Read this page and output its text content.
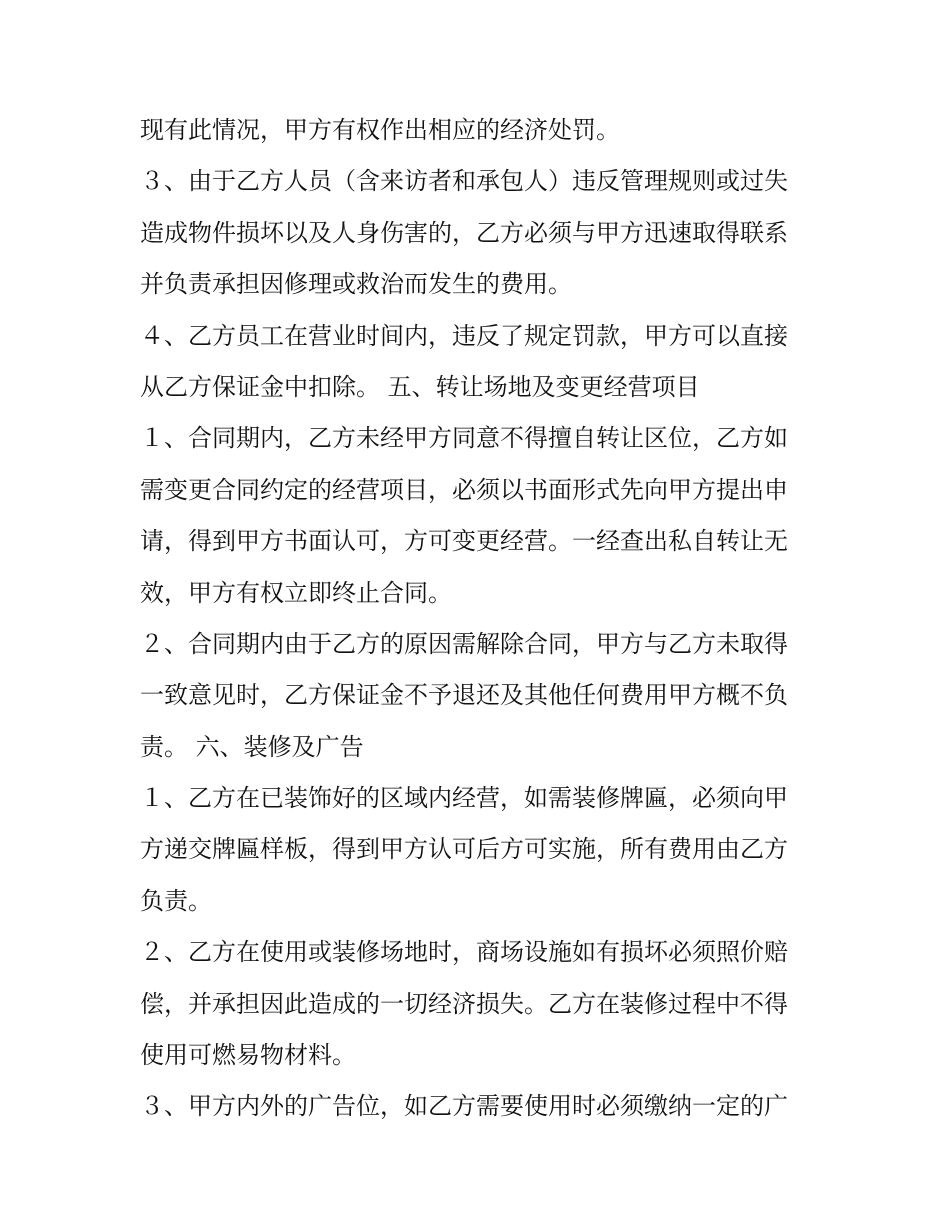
现有此情况，甲方有权作出相应的经济处罚。
３、由于乙方人员（含来访者和承包人）违反管理规则或过失
造成物件损坏以及人身伤害的，乙方必须与甲方迅速取得联系
并负责承担因修理或救治而发生的费用。
４、乙方员工在营业时间内，违反了规定罚款，甲方可以直接
从乙方保证金中扣除。 五、转让场地及变更经营项目
１、合同期内，乙方未经甲方同意不得擅自转让区位，乙方如
需变更合同约定的经营项目，必须以书面形式先向甲方提出申
请，得到甲方书面认可，方可变更经营。一经查出私自转让无
效，甲方有权立即终止合同。
２、合同期内由于乙方的原因需解除合同，甲方与乙方未取得
一致意见时，乙方保证金不予退还及其他任何费用甲方概不负
责。 六、装修及广告
１、乙方在已装饰好的区域内经营，如需装修牌匾，必须向甲
方递交牌匾样板，得到甲方认可后方可实施，所有费用由乙方
负责。
２、乙方在使用或装修场地时，商场设施如有损坏必须照价赔
偿，并承担因此造成的一切经济损失。乙方在装修过程中不得
使用可燃易物材料。
３、甲方内外的广告位，如乙方需要使用时必须缴纳一定的广
